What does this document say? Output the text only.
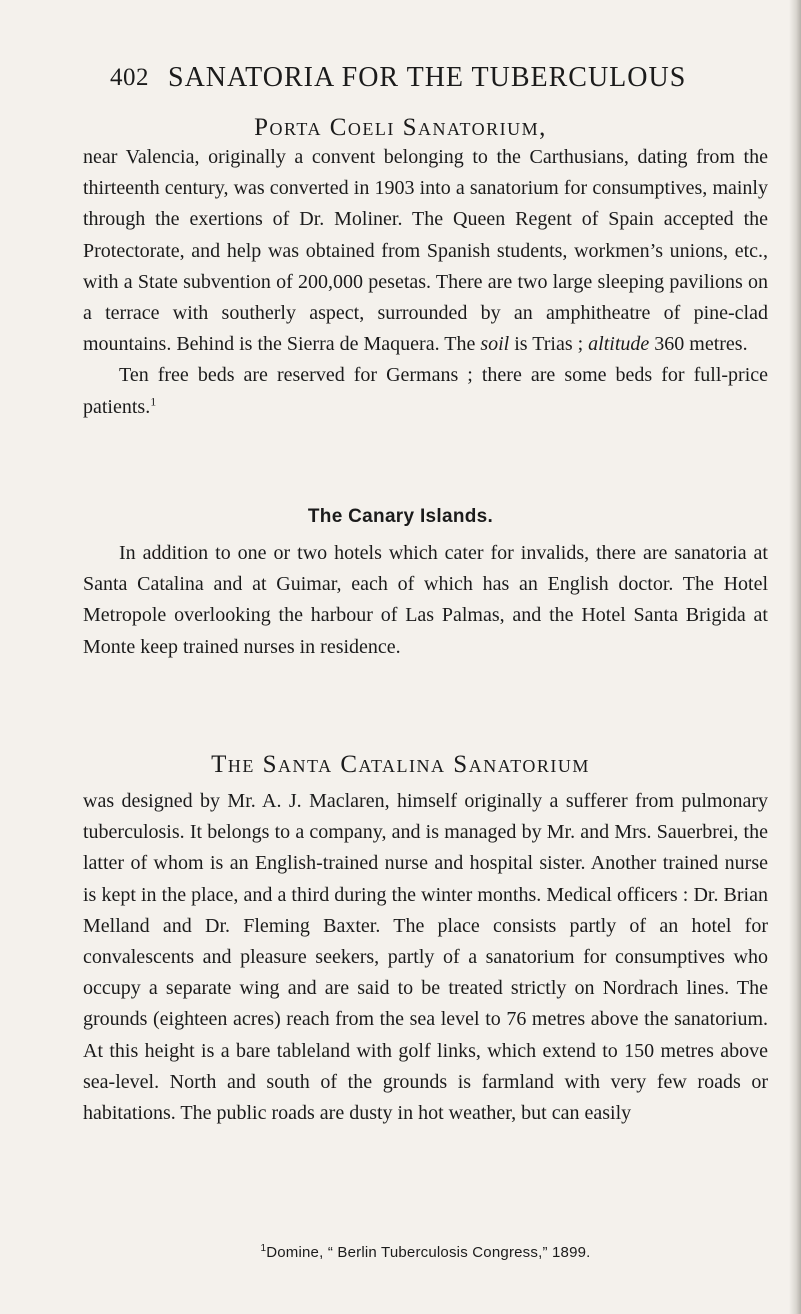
402 SANATORIA FOR THE TUBERCULOUS
Porta Coeli Sanatorium,

near Valencia, originally a convent belonging to the Carthusians, dating from the thirteenth century, was converted in 1903 into a sanatorium for consumptives, mainly through the exertions of Dr. Moliner. The Queen Regent of Spain accepted the Protectorate, and help was obtained from Spanish students, workmen’s unions, etc., with a State subvention of 200,000 pesetas. There are two large sleeping pavilions on a terrace with southerly aspect, surrounded by an amphitheatre of pine-clad mountains. Behind is the Sierra de Maquera. The soil is Trias ; altitude 360 metres.

Ten free beds are reserved for Germans ; there are some beds for full-price patients.$^1$

The Canary Islands.

In addition to one or two hotels which cater for invalids, there are sanatoria at Santa Catalina and at Guimar, each of which has an English doctor. The Hotel Metropole overlooking the harbour of Las Palmas, and the Hotel Santa Brigida at Monte keep trained nurses in residence.

The Santa Catalina Sanatorium

was designed by Mr. A. J. Maclaren, himself originally a sufferer from pulmonary tuberculosis. It belongs to a company, and is managed by Mr. and Mrs. Sauerbrei, the latter of whom is an English-trained nurse and hospital sister. Another trained nurse is kept in the place, and a third during the winter months. Medical officers : Dr. Brian Melland and Dr. Fleming Baxter. The place consists partly of an hotel for convalescents and pleasure seekers, partly of a sanatorium for consumptives who occupy a separate wing and are said to be treated strictly on Nordrach lines. The grounds (eighteen acres) reach from the sea level to 76 metres above the sanatorium. At this height is a bare tableland with golf links, which extend to 150 metres above sea-level. North and south of the grounds is farmland with very few roads or habitations. The public roads are dusty in hot weather, but can easily

$^1$Domine, “ Berlin Tuberculosis Congress,” 1899.
